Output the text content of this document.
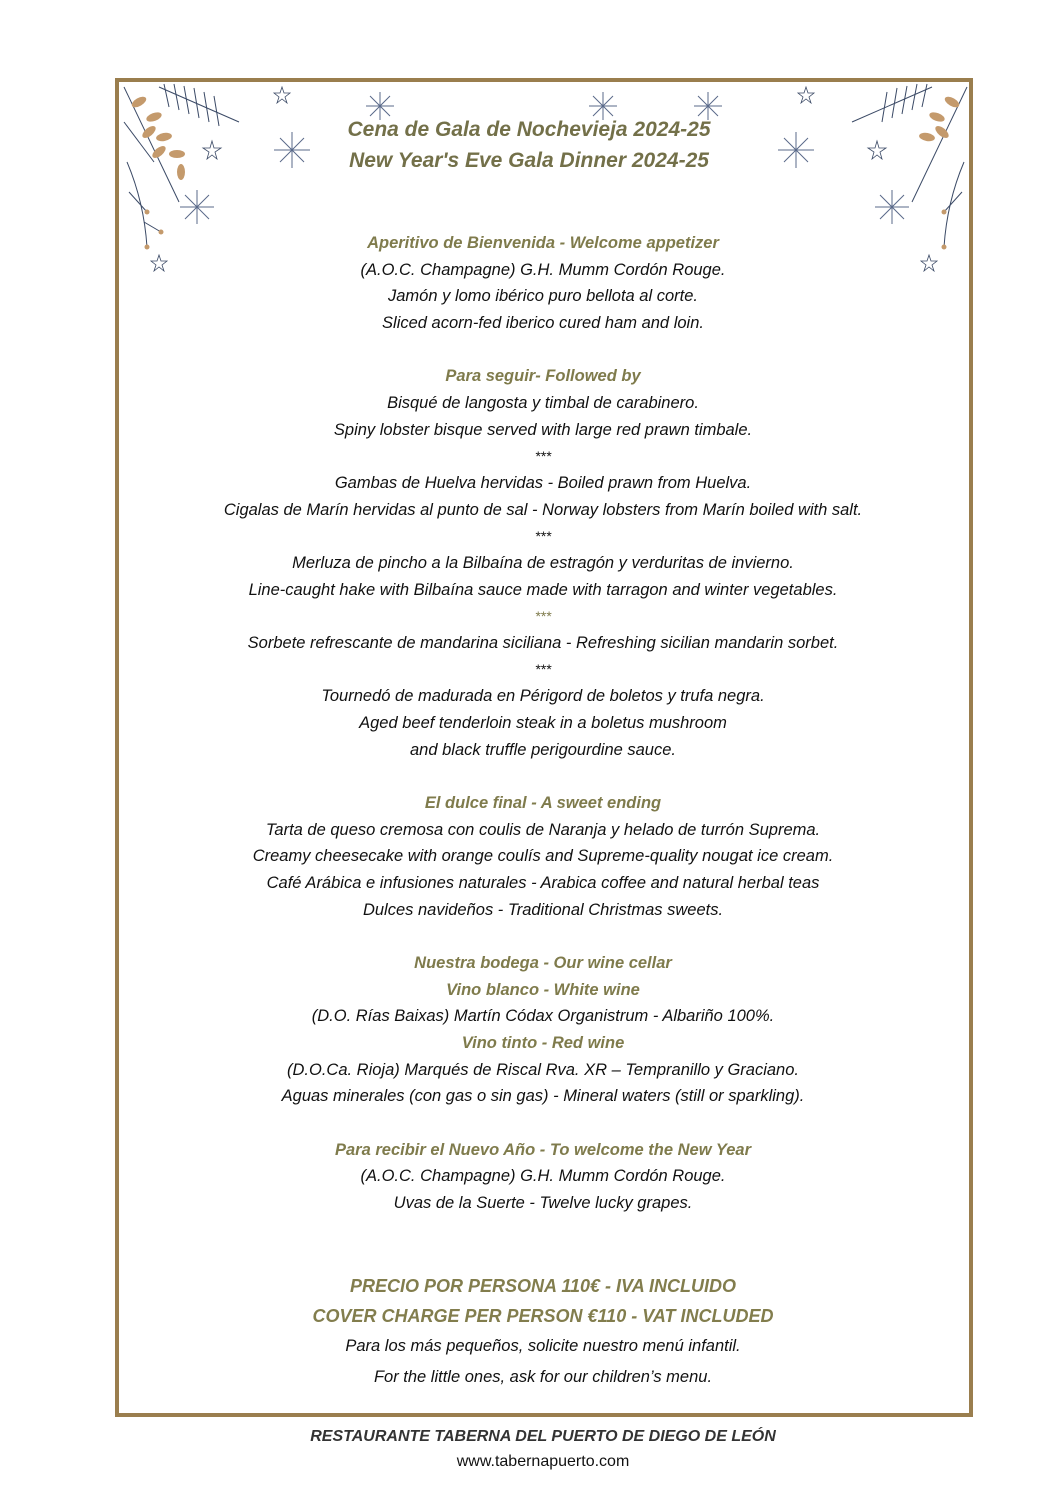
Cena de Gala de Nochevieja 2024-25
New Year's Eve Gala Dinner 2024-25
Aperitivo de Bienvenida - Welcome appetizer
(A.O.C. Champagne) G.H. Mumm Cordón Rouge.
Jamón y lomo ibérico puro bellota al corte.
Sliced acorn-fed iberico cured ham and loin.
Para seguir- Followed by
Bisqué de langosta y timbal de carabinero.
Spiny lobster bisque served with large red prawn timbale.
***
Gambas de Huelva hervidas - Boiled prawn from Huelva.
Cigalas de Marín hervidas al punto de sal - Norway lobsters from Marín boiled with salt.
***
Merluza de pincho a la Bilbaína de estragón y verduritas de invierno.
Line-caught hake with Bilbaína sauce made with tarragon and winter vegetables.
***
Sorbete refrescante de mandarina siciliana - Refreshing sicilian mandarin sorbet.
***
Tournedó de madurada en Périgord de boletos y trufa negra.
Aged beef tenderloin steak in a boletus mushroom
and black truffle perigourdine sauce.
El dulce final - A sweet ending
Tarta de queso cremosa con coulis de Naranja y helado de turrón Suprema.
Creamy cheesecake with orange coulís and Supreme-quality nougat ice cream.
Café Arábica e infusiones naturales - Arabica coffee and natural herbal teas
Dulces navideños - Traditional Christmas sweets.
Nuestra bodega - Our wine cellar
Vino blanco - White wine
(D.O. Rías Baixas) Martín Códax Organistrum - Albariño 100%.
Vino tinto - Red wine
(D.O.Ca. Rioja) Marqués de Riscal Rva. XR – Tempranillo y Graciano.
Aguas minerales (con gas o sin gas) - Mineral waters (still or sparkling).
Para recibir el Nuevo Año - To welcome the New Year
(A.O.C. Champagne) G.H. Mumm Cordón Rouge.
Uvas de la Suerte - Twelve lucky grapes.
PRECIO POR PERSONA 110€ - IVA INCLUIDO
COVER CHARGE PER PERSON €110 - VAT INCLUDED
Para los más pequeños, solicite nuestro menú infantil.
For the little ones, ask for our children’s menu.
RESTAURANTE TABERNA DEL PUERTO DE DIEGO DE LEÓN
www.tabernapuerto.com
